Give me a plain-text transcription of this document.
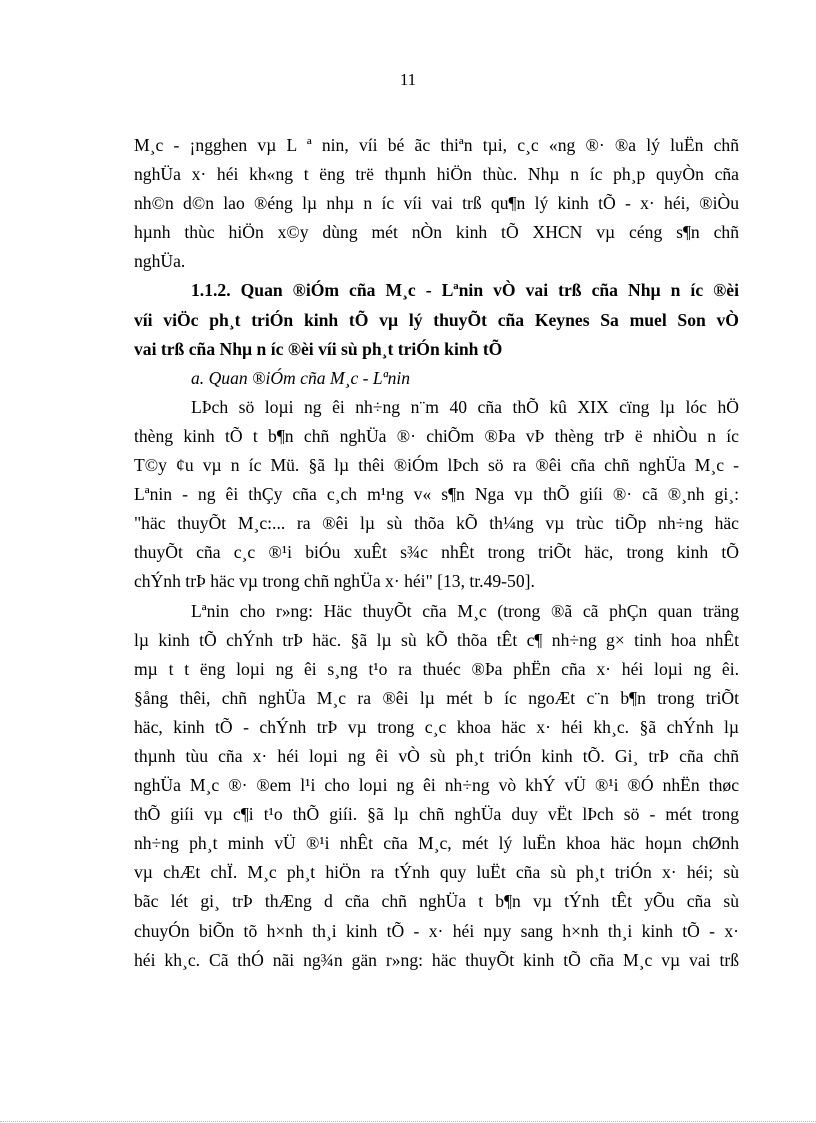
11
M¸c - ¡ngghen vµ L ª nin, víi bé ãc thiªn tµi, c¸c «ng ®· ®a lý luËn chñ
nghÜa x· héi kh«ng t ëng trë thµnh hiÖn thùc. Nhµ n íc ph¸p quyÒn cña
nh©n d©n lao ®éng lµ nhµ n íc víi vai trß qu¶n lý kinh tÕ - x· héi, ®iÒu
hµnh thùc hiÖn x©y dùng mét nÒn kinh tÕ XHCN vµ céng s¶n chñ
nghÜa.
1.1.2. Quan ®iÓm cña M¸c - Lªnin vÒ vai trß cña Nhµ n íc ®èi
víi viÖc ph¸t triÓn kinh tÕ vµ lý thuyÕt cña Keynes Sa muel Son vÒ
vai trß cña Nhµ n íc ®èi víi sù ph¸t triÓn kinh tÕ
a. Quan ®iÓm cña M¸c - Lªnin
LÞch sö loµi ng êi nh÷ng n¨m 40 cña thÕ kû XIX cïng lµ lóc hÖ
thèng kinh tÕ t b¶n chñ nghÜa ®· chiÕm ®Þa vÞ thèng trÞ ë nhiÒu n íc
T©y ¢u vµ n íc Mü. §ã lµ thêi ®iÓm lÞch sö ra ®êi cña chñ nghÜa M¸c -
Lªnin - ng êi thÇy cña c¸ch m¹ng v« s¶n Nga vµ thÕ giíi ®· cã ®¸nh gi¸:
"häc thuyÕt M¸c:... ra ®êi lµ sù thõa kÕ th¼ng vµ trùc tiÕp nh÷ng häc
thuyÕt cña c¸c ®¹i biÓu xuÊt s¾c nhÊt trong triÕt häc, trong kinh tÕ
chÝnh trÞ häc vµ trong chñ nghÜa x· héi" [13, tr.49-50].
Lªnin cho r»ng: Häc thuyÕt cña M¸c (trong ®ã cã phÇn quan träng
lµ kinh tÕ chÝnh trÞ häc. §ã lµ sù kÕ thõa tÊt c¶ nh÷ng g× tinh hoa nhÊt
mµ t t ëng loµi ng êi s¸ng t¹o ra thuéc ®Þa phËn cña x· héi loµi ng êi.
§ång thêi, chñ nghÜa M¸c ra ®êi lµ mét b íc ngoÆt c¨n b¶n trong triÕt
häc, kinh tÕ - chÝnh trÞ vµ trong c¸c khoa häc x· héi kh¸c. §ã chÝnh lµ
thµnh tùu cña x· héi loµi ng êi vÒ sù ph¸t triÓn kinh tÕ. Gi¸ trÞ cña chñ
nghÜa M¸c ®· ®em l¹i cho loµi ng êi nh÷ng vò khÝ vÜ ®¹i ®Ó nhËn thøc
thÕ giíi vµ c¶i t¹o thÕ giíi. §ã lµ chñ nghÜa duy vËt lÞch sö - mét trong
nh÷ng ph¸t minh vÜ ®¹i nhÊt cña M¸c, mét lý luËn khoa häc hoµn chØnh
vµ chÆt chÏ. M¸c ph¸t hiÖn ra tÝnh quy luËt cña sù ph¸t triÓn x· héi; sù
bãc lét gi¸ trÞ thÆng d cña chñ nghÜa t b¶n vµ tÝnh tÊt yÕu cña sù
chuyÓn biÕn tõ h×nh th¸i kinh tÕ - x· héi nµy sang h×nh th¸i kinh tÕ - x·
héi kh¸c. Cã thÓ nãi ng¾n gän r»ng: häc thuyÕt kinh tÕ cña M¸c vµ vai trß
